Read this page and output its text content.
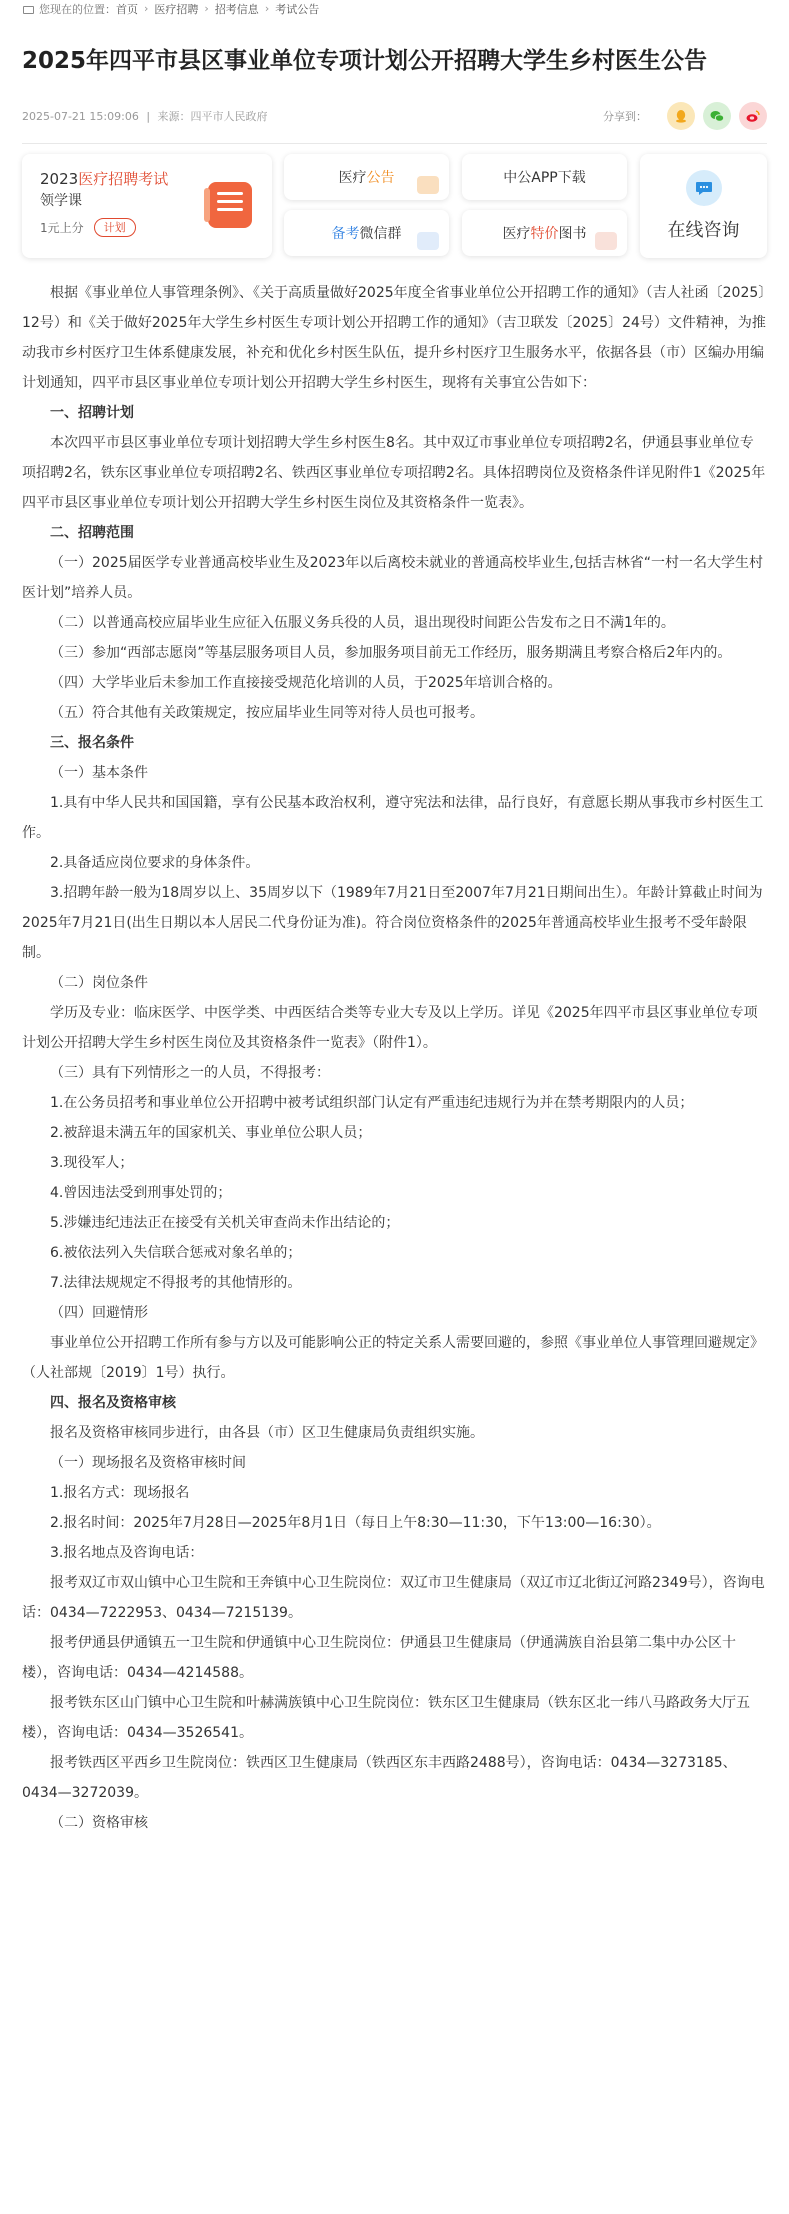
您现在的位置： 首页 › 医疗招聘 › 招考信息 › 考试公告
2025年四平市县区事业单位专项计划公开招聘大学生乡村医生公告
2025-07-21 15:09:06 | 来源：四平市人民政府	分享到：
2023医疗招聘考试
领学课
1元上分	计划
医疗 公告	中公APP下载
备考 微信群	医疗 特价 图书	在线咨询

根据《事业单位人事管理条例》、《关于高质量做好2025年度全省事业单位公开招聘工作的通知》（吉人社函〔2025〕12号）和《关于做好2025年大学生乡村医生专项计划公开招聘工作的通知》（吉卫联发〔2025〕24号）文件精神，为推动我市乡村医疗卫生体系健康发展，补充和优化乡村医生队伍，提升乡村医疗卫生服务水平，依据各县（市）区编办用编计划通知，四平市县区事业单位专项计划公开招聘大学生乡村医生，现将有关事宜公告如下：

一、招聘计划

本次四平市县区事业单位专项计划招聘大学生乡村医生8名。其中双辽市事业单位专项招聘2名，伊通县事业单位专项招聘2名，铁东区事业单位专项招聘2名、铁西区事业单位专项招聘2名。具体招聘岗位及资格条件详见附件1《2025年四平市县区事业单位专项计划公开招聘大学生乡村医生岗位及其资格条件一览表》。

二、招聘范围

（一）2025届医学专业普通高校毕业生及2023年以后离校未就业的普通高校毕业生,包括吉林省“一村一名大学生村医计划”培养人员。

（二）以普通高校应届毕业生应征入伍服义务兵役的人员，退出现役时间距公告发布之日不满1年的。

（三）参加“西部志愿岗”等基层服务项目人员，参加服务项目前无工作经历，服务期满且考察合格后2年内的。

（四）大学毕业后未参加工作直接接受规范化培训的人员，于2025年培训合格的。

（五）符合其他有关政策规定，按应届毕业生同等对待人员也可报考。

三、报名条件

（一）基本条件

1.具有中华人民共和国国籍，享有公民基本政治权利，遵守宪法和法律，品行良好，有意愿长期从事我市乡村医生工作。

2.具备适应岗位要求的身体条件。

3.招聘年龄一般为18周岁以上、35周岁以下（1989年7月21日至2007年7月21日期间出生）。年龄计算截止时间为2025年7月21日(出生日期以本人居民二代身份证为准)。符合岗位资格条件的2025年普通高校毕业生报考不受年龄限制。

（二）岗位条件

学历及专业：临床医学、中医学类、中西医结合类等专业大专及以上学历。详见《2025年四平市县区事业单位专项计划公开招聘大学生乡村医生岗位及其资格条件一览表》（附件1）。

（三）具有下列情形之一的人员，不得报考：

1.在公务员招考和事业单位公开招聘中被考试组织部门认定有严重违纪违规行为并在禁考期限内的人员；

2.被辞退未满五年的国家机关、事业单位公职人员；

3.现役军人；

4.曾因违法受到刑事处罚的；

5.涉嫌违纪违法正在接受有关机关审查尚未作出结论的；

6.被依法列入失信联合惩戒对象名单的；

7.法律法规规定不得报考的其他情形的。

（四）回避情形

事业单位公开招聘工作所有参与方以及可能影响公正的特定关系人需要回避的，参照《事业单位人事管理回避规定》（人社部规〔2019〕1号）执行。

四、报名及资格审核

报名及资格审核同步进行，由各县（市）区卫生健康局负责组织实施。

（一）现场报名及资格审核时间

1.报名方式：现场报名

2.报名时间：2025年7月28日—2025年8月1日（每日上午8:30—11:30，下午13:00—16:30）。

3.报名地点及咨询电话：

报考双辽市双山镇中心卫生院和王奔镇中心卫生院岗位：双辽市卫生健康局（双辽市辽北街辽河路2349号），咨询电话：0434—7222953、0434—7215139。

报考伊通县伊通镇五一卫生院和伊通镇中心卫生院岗位：伊通县卫生健康局（伊通满族自治县第二集中办公区十楼），咨询电话：0434—4214588。

报考铁东区山门镇中心卫生院和叶赫满族镇中心卫生院岗位：铁东区卫生健康局（铁东区北一纬八马路政务大厅五楼），咨询电话：0434—3526541。

报考铁西区平西乡卫生院岗位：铁西区卫生健康局（铁西区东丰西路2488号），咨询电话：0434—3273185、0434—3272039。

（二）资格审核
